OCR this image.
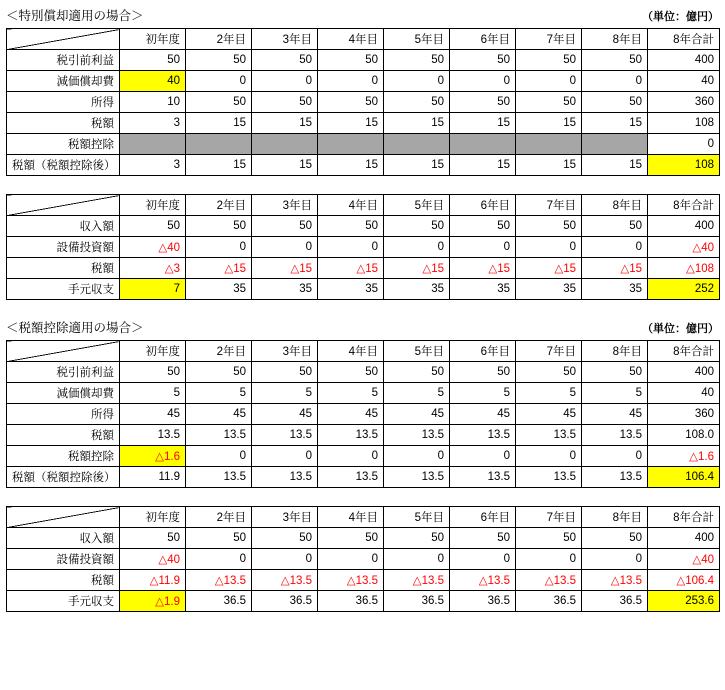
＜特別償却適用の場合＞	（単位：億円）
	初年度	2年目	3年目	4年目	5年目	6年目	7年目	8年目	8年合計
税引前利益	50	50	50	50	50	50	50	50	400
減価償却費	40	0	0	0	0	0	0	0	40
所得	10	50	50	50	50	50	50	50	360
税額	3	15	15	15	15	15	15	15	108
税額控除									0
税額（税額控除後）	3	15	15	15	15	15	15	15	108
	初年度	2年目	3年目	4年目	5年目	6年目	7年目	8年目	8年合計
収入額	50	50	50	50	50	50	50	50	400
設備投資額	△40	0	0	0	0	0	0	0	△40
税額	△3	△15	△15	△15	△15	△15	△15	△15	△108
手元収支	7	35	35	35	35	35	35	35	252
＜税額控除適用の場合＞	（単位：億円）
	初年度	2年目	3年目	4年目	5年目	6年目	7年目	8年目	8年合計
税引前利益	50	50	50	50	50	50	50	50	400
減価償却費	5	5	5	5	5	5	5	5	40
所得	45	45	45	45	45	45	45	45	360
税額	13.5	13.5	13.5	13.5	13.5	13.5	13.5	13.5	108.0
税額控除	△1.6	0	0	0	0	0	0	0	△1.6
税額（税額控除後）	11.9	13.5	13.5	13.5	13.5	13.5	13.5	13.5	106.4
	初年度	2年目	3年目	4年目	5年目	6年目	7年目	8年目	8年合計
収入額	50	50	50	50	50	50	50	50	400
設備投資額	△40	0	0	0	0	0	0	0	△40
税額	△11.9	△13.5	△13.5	△13.5	△13.5	△13.5	△13.5	△13.5	△106.4
手元収支	△1.9	36.5	36.5	36.5	36.5	36.5	36.5	36.5	253.6
